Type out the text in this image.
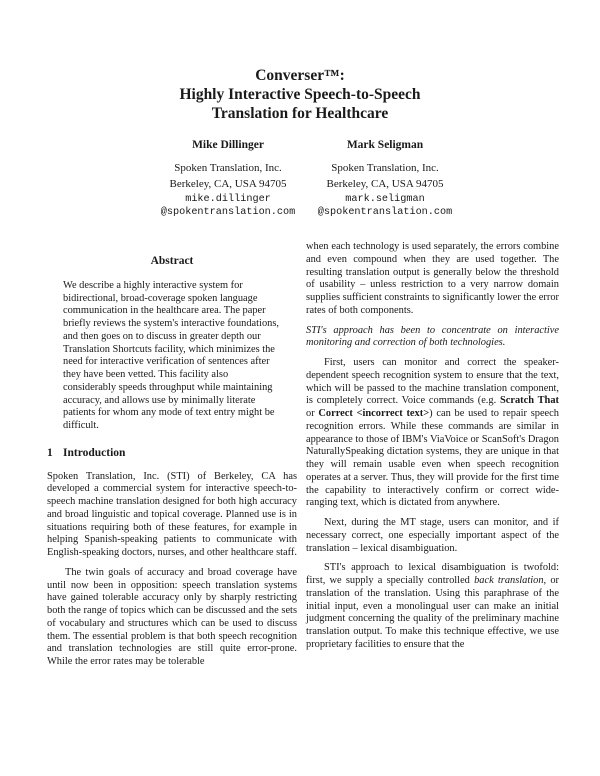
Converser™:
Highly Interactive Speech-to-Speech
Translation for Healthcare
Mike Dillinger
Spoken Translation, Inc.
Berkeley, CA, USA 94705
mike.dillinger
@spokentranslation.com
Mark Seligman
Spoken Translation, Inc.
Berkeley, CA, USA 94705
mark.seligman
@spokentranslation.com
Abstract

We describe a highly interactive system for bidirectional, broad-coverage spoken language communication in the healthcare area. The paper briefly reviews the system's interactive foundations, and then goes on to discuss in greater depth our Translation Shortcuts facility, which minimizes the need for interactive verification of sentences after they have been vetted. This facility also considerably speeds throughput while maintaining accuracy, and allows use by minimally literate patients for whom any mode of text entry might be difficult.

1 Introduction

Spoken Translation, Inc. (STI) of Berkeley, CA has developed a commercial system for interactive speech-to-speech machine translation designed for both high accuracy and broad linguistic and topical coverage. Planned use is in situations requiring both of these features, for example in helping Spanish-speaking patients to communicate with English-speaking doctors, nurses, and other healthcare staff.

The twin goals of accuracy and broad coverage have until now been in opposition: speech translation systems have gained tolerable accuracy only by sharply restricting both the range of topics which can be discussed and the sets of vocabulary and structures which can be used to discuss them. The essential problem is that both speech recognition and translation technologies are still quite error-prone. While the error rates may be tolerable

when each technology is used separately, the errors combine and even compound when they are used together. The resulting translation output is generally below the threshold of usability – unless restriction to a very narrow domain supplies sufficient constraints to significantly lower the error rates of both components.

STI's approach has been to concentrate on interactive monitoring and correction of both technologies.

First, users can monitor and correct the speaker-dependent speech recognition system to ensure that the text, which will be passed to the machine translation component, is completely correct. Voice commands (e.g. Scratch That or Correct <incorrect text>) can be used to repair speech recognition errors. While these commands are similar in appearance to those of IBM's ViaVoice or ScanSoft's Dragon NaturallySpeaking dictation systems, they are unique in that they will remain usable even when speech recognition operates at a server. Thus, they will provide for the first time the capability to interactively confirm or correct wide-ranging text, which is dictated from anywhere.

Next, during the MT stage, users can monitor, and if necessary correct, one especially important aspect of the translation – lexical disambiguation.

STI's approach to lexical disambiguation is twofold: first, we supply a specially controlled back translation, or translation of the translation. Using this paraphrase of the initial input, even a monolingual user can make an initial judgment concerning the quality of the preliminary machine translation output. To make this technique effective, we use proprietary facilities to ensure that the
